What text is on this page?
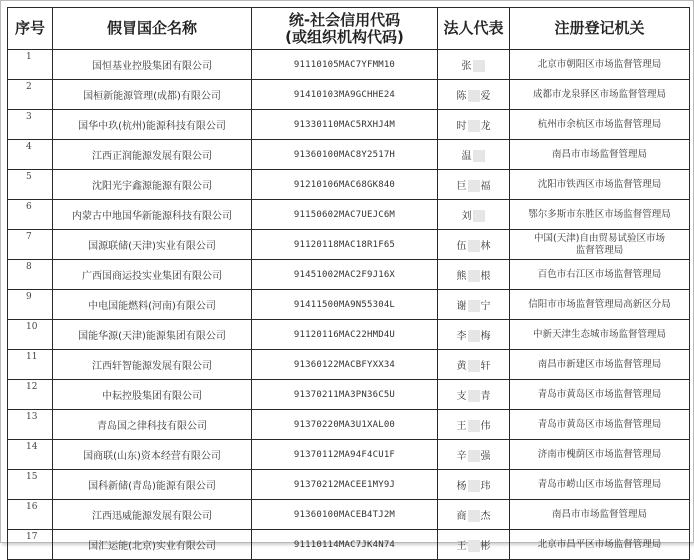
序号	假冒国企名称	统-社会信用代码
(或组织机构代码)	法人代表	注册登记机关
1	国恒基业控股集团有限公司	91110105MAC7YFMM10	张	北京市朝阳区市场监督管理局
2	国桓新能源管理(成都)有限公司	91410103MA9GCHHE24	陈 爱	成都市龙泉驿区市场监督管理局
3	国华中玖(杭州)能源科技有限公司	91330110MAC5RXHJ4M	时 龙	杭州市余杭区市场监督管理局
4	江西正润能源发展有限公司	91360100MAC8Y2517H	温	南昌市市场监督管理局
5	沈阳光宇鑫源能源有限公司	91210106MAC68GK840	巨 福	沈阳市铁西区市场监督管理局
6	内蒙古中地国华新能源科技有限公司	91150602MAC7UEJC6M	刘	鄂尔多斯市东胜区市场监督管理局
7	国源联储(天津)实业有限公司	91120118MAC18R1F65	伍 林	中国(天津)自由贸易试验区市场
监督管理局

8	广西国商运投实业集团有限公司	91451002MAC2F9J16X	熊 根	百色市右江区市场监督管理局
9	中电国能燃料(河南)有限公司	91411500MA9N55304L	谢 宁	信阳市市场监督管理局高新区分局
10	国能华源(天津)能源集团有限公司	91120116MAC22HMD4U	李 梅	中新天津生态城市场监督管理局
11	江西轩智能源发展有限公司	91360122MACBFYXX34	黄 轩	南昌市新建区市场监督管理局
12	中耘控股集团有限公司	91370211MA3PN36C5U	支 青	青岛市黄岛区市场监督管理局
13	青岛国之律科技有限公司	91370220MA3U1XAL00	王 伟	青岛市黄岛区市场监督管理局
14	国商联(山东)资本经营有限公司	91370112MA94F4CU1F	辛 强	济南市槐荫区市场监督管理局
15	国科新储(青岛)能源有限公司	91370212MACEE1MY9J	杨 玮	青岛市崂山区市场监督管理局
16	江西迅威能源发展有限公司	91360100MACEB4TJ2M	商 杰	南昌市市场监督管理局
17	国汇运能(北京)实业有限公司	91110114MAC7JK4N74	王 彬	北京市昌平区市场监督管理局
